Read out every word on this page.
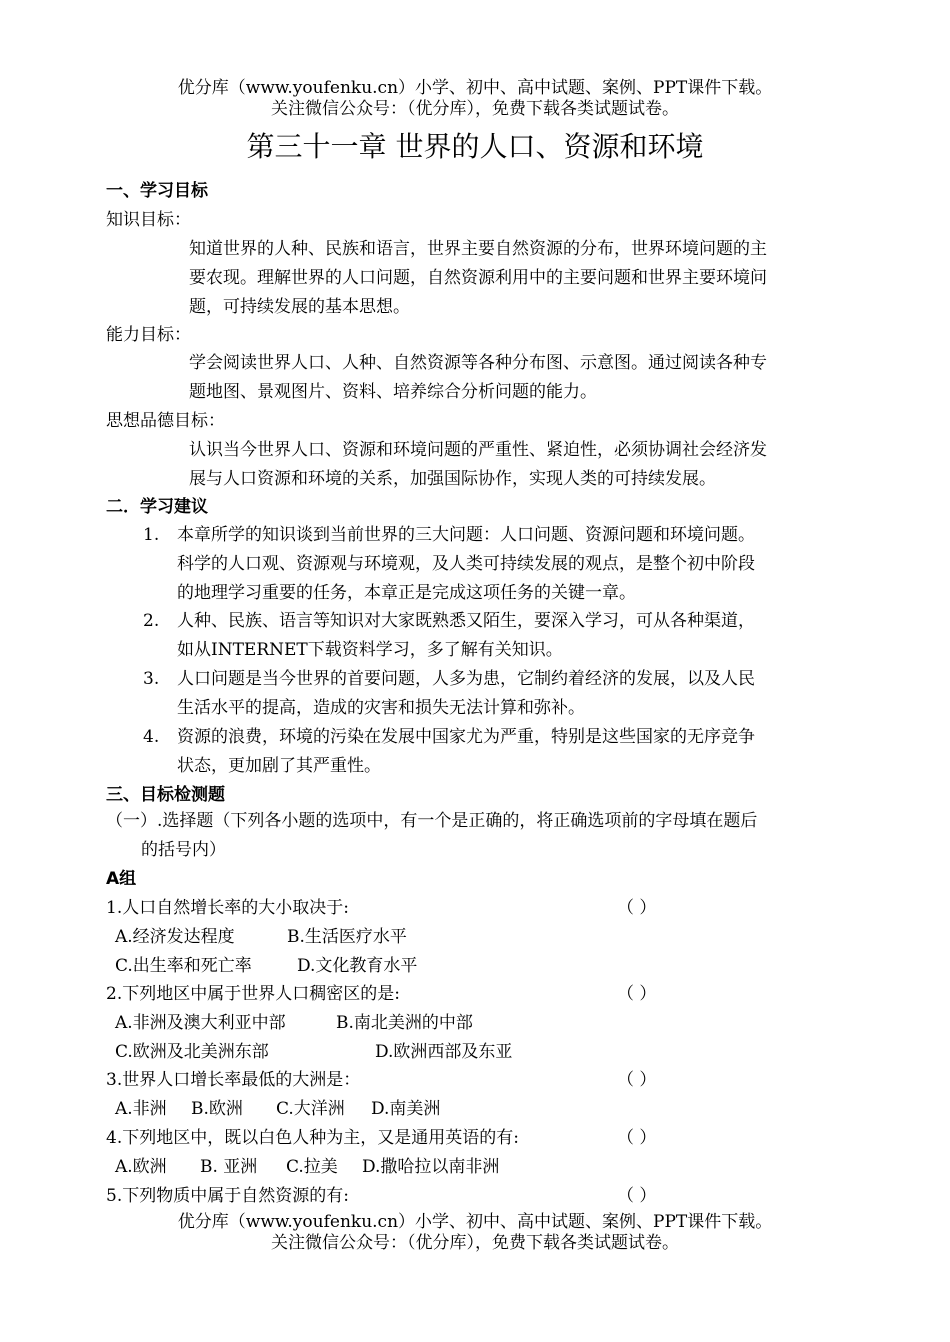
优分库（www.youfenku.cn）小学、初中、高中试题、案例、PPT课件下载。
关注微信公众号：（优分库），免费下载各类试题试卷。
第三十一章 世界的人口、资源和环境
一、学习目标
知识目标：
知道世界的人种、民族和语言，世界主要自然资源的分布，世界环境问题的主
要农现。理解世界的人口问题，自然资源利用中的主要问题和世界主要环境问
题，可持续发展的基本思想。
能力目标：
学会阅读世界人口、人种、自然资源等各种分布图、示意图。通过阅读各种专
题地图、景观图片、资料、培养综合分析问题的能力。
思想品德目标：
认识当今世界人口、资源和环境问题的严重性、紧迫性，必须协调社会经济发
展与人口资源和环境的关系，加强国际协作，实现人类的可持续发展。
二．学习建议
1. 本章所学的知识谈到当前世界的三大问题：人口问题、资源问题和环境问题。
科学的人口观、资源观与环境观，及人类可持续发展的观点，是整个初中阶段
的地理学习重要的任务，本章正是完成这项任务的关键一章。
2. 人种、民族、语言等知识对大家既熟悉又陌生，要深入学习，可从各种渠道，
如从INTERNET下载资料学习，多了解有关知识。
3. 人口问题是当今世界的首要问题，人多为患，它制约着经济的发展，以及人民
生活水平的提高，造成的灾害和损失无法计算和弥补。
4. 资源的浪费，环境的污染在发展中国家尤为严重，特别是这些国家的无序竞争
状态，更加剧了其严重性。
三、目标检测题
（一）.选择题（下列各小题的选项中，有一个是正确的，将正确选项前的字母填在题后
的括号内）
A组
1.人口自然增长率的大小取决于:	（ ）
A.经济发达程度	B.生活医疗水平
C.出生率和死亡率	D.文化教育水平
2.下列地区中属于世界人口稠密区的是:	（ ）
A.非洲及澳大利亚中部	B.南北美洲的中部
C.欧洲及北美洲东部	D.欧洲西部及东亚
3.世界人口增长率最低的大洲是：	（ ）
A.非洲 B.欧洲 C.大洋洲 D.南美洲
4.下列地区中，既以白色人种为主，又是通用英语的有:	（ ）
A.欧洲 B. 亚洲 C.拉美 D.撒哈拉以南非洲
5.下列物质中属于自然资源的有:	（ ）
优分库（www.youfenku.cn）小学、初中、高中试题、案例、PPT课件下载。
关注微信公众号：（优分库），免费下载各类试题试卷。
